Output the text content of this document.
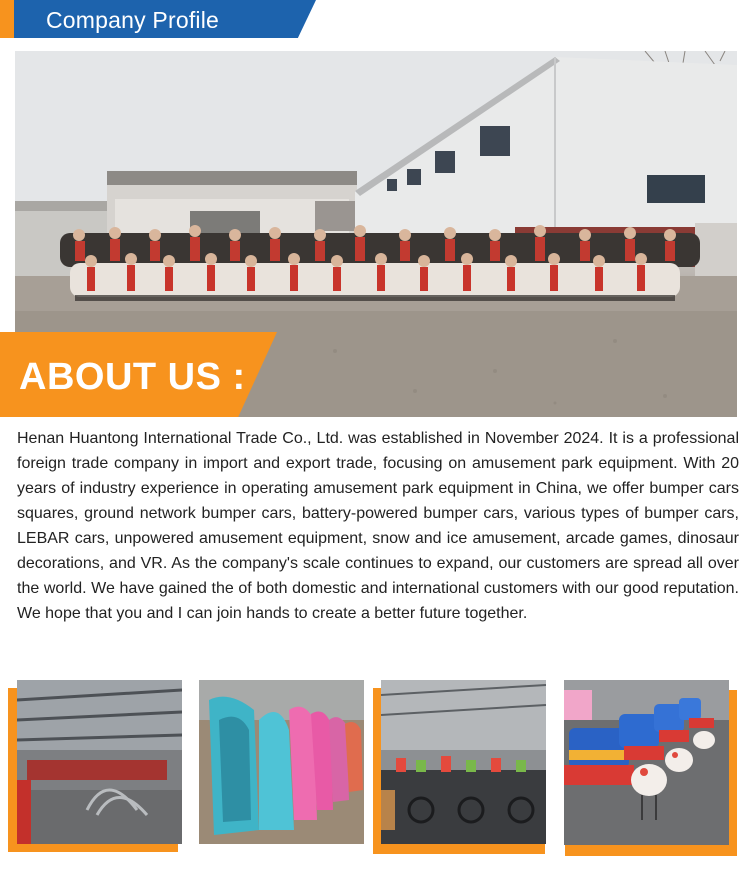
Company Profile
ABOUT US :

Henan Huantong International Trade Co., Ltd. was established in November 2024. It is a professional foreign trade company in import and export trade, focusing on amusement park equipment. With 20 years of industry experience in operating amusement park equipment in China, we offer bumper cars squares, ground network bumper cars, battery-powered bumper cars, various types of bumper cars, LEBAR cars, unpowered amusement equipment, snow and ice amusement, arcade games, dinosaur decorations, and VR. As the company's scale continues to expand, our customers are spread all over the world. We have gained the of both domestic and international customers with our good reputation. We hope that you and I can join hands to create a better future together.
